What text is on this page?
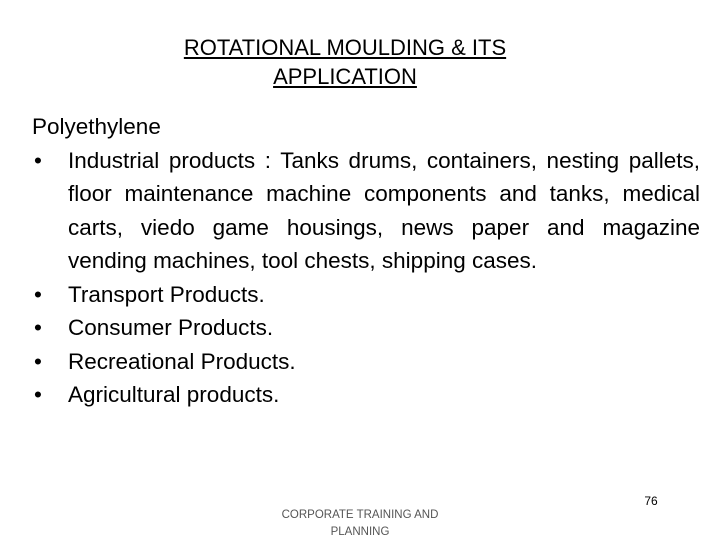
ROTATIONAL MOULDING & ITS
APPLICATION
Polyethylene
• Industrial products : Tanks drums, containers, nesting pallets, floor maintenance machine components and tanks, medical carts, viedo game housings, news paper and magazine vending machines, tool chests, shipping cases.
• Transport Products.
• Consumer Products.
• Recreational Products.
• Agricultural products.
CORPORATE TRAINING AND PLANNING
76
